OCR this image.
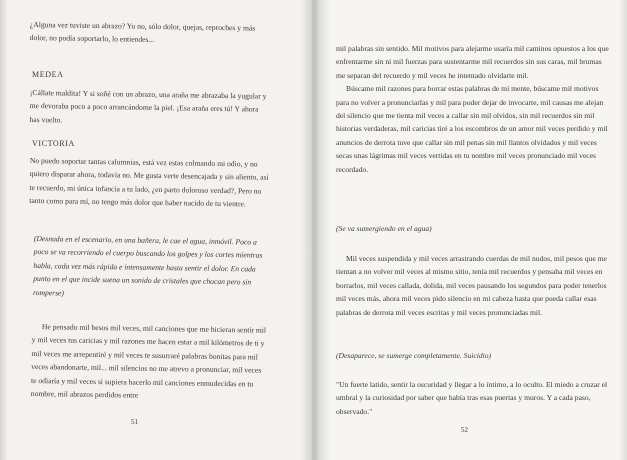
¿Alguna vez tuviste un abrazo? Yo no, sólo dolor, quejas, reproches y más dolor, no podía soportarlo, lo entiendes...

MEDEA

¡Cállate maldita! Y si soñé con un abrazo, una araña me abrazaba la yugular y me devoraba poco a poco arrancándome la piel. ¡Esa araña eres tú! Y ahora has vuelto.

VICTORIA

No puedo soportar tantas calumnias, está vez estas colmando mi odio, y no quiero disparar ahora, todavía no. Me gusta verte desencajada y sin aliento, así te recuerdo, mi única infancia a tu lado, ¿en parto doloroso verdad?, Pero no tanto como para mí, no tengo más dolor que haber nacido de tu vientre.

(Desnuda en el escenario, en una bañera, le cae el agua, inmóvil. Poco a poco se va recorriendo el cuerpo buscando los golpes y los cortes mientras habla, cada vez más rápida e intensamente hasta sentir el dolor. En cada punto en el que incide suena un sonido de cristales que chocan pero sin romperse)

He pensado mil besos mil veces, mil canciones que me hicieran sentir mil y mil veces tus caricias y mil razones me hacen estar a mil kilómetros de ti y mil veces me arrepentiré y mil veces te susurraré palabras bonitas para mil veces abandonarte, mil... mil silencios no me atrevo a pronunciar, mil veces te odiaría y mil veces si supiera hacerlo mil canciones enmudecidas en tu nombre, mil abrazos perdidos entre

51

mil palabras sin sentido. Mil motivos para alejarme usaría mil caminos opuestos a los que enfrentarme sin ni mil fuerzas para sustentarme mil recuerdos sin sus caras, mil brumas me separan del recuerdo y mil veces he intentado olvidarte mil.

Búscame mil razones para borrar estas palabras de mi mente, búscame mil motivos para no volver a pronunciarlas y mil para poder dejar de invocarte, mil causas me alejan del silencio que me tienta mil veces a callar sin mil olvidos, sin mil recuerdos sin mil historias verdaderas, mil caricias tiré a los escombros de un amor mil veces perdido y mil anuncios de derrota tuve que callar sin mil penas sin mil llantos olvidados y mil veces secas unas lágrimas mil veces vertidas en tu nombre mil veces pronunciado mil veces recordado.

(Se va sumergiendo en el agua)

Mil veces suspendida y mil veces arrastrando cuerdas de mil nudos, mil pesos que me tientan a no volver mil veces al mismo sitio, tenía mil recuerdos y pensaba mil veces en borrarlos, mil veces callada, dolida, mil veces pausando los segundos para poder tenerlos mil veces más, ahora mil veces pido silencio en mi cabeza hasta que pueda callar esas palabras de derrota mil veces escritas y mil veces pronunciadas mil.

(Desaparece, se sumerge completamente. Suicidio)

"Un fuerte latido, sentir la oscuridad y llegar a lo íntimo, a lo oculto. El miedo a cruzar el umbral y la curiosidad por saber que había tras esas puertas y muros. Y a cada paso, observado."

52
